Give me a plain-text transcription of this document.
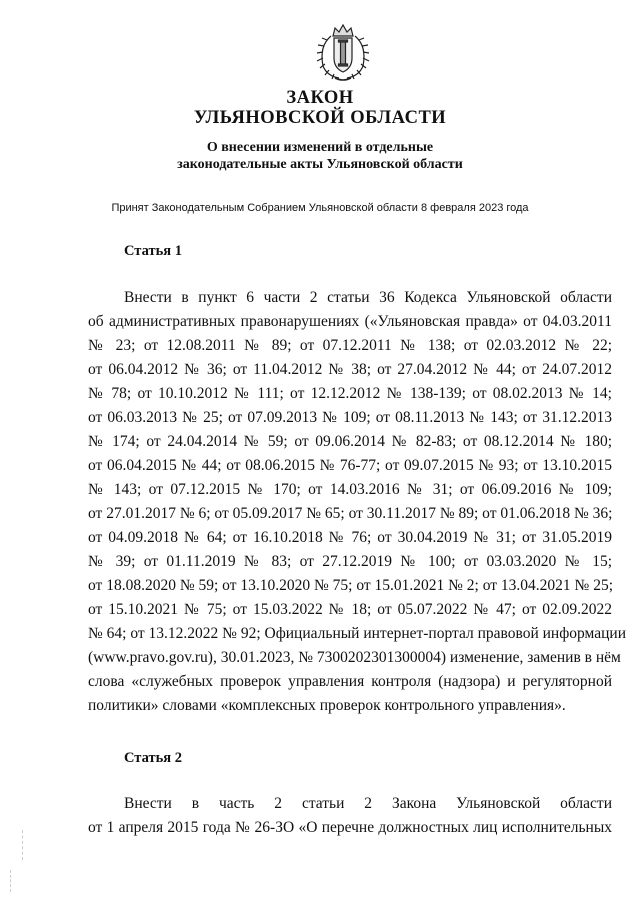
ЗАКОН
УЛЬЯНОВСКОЙ ОБЛАСТИ
О внесении изменений в отдельные
законодательные акты Ульяновской области
Принят Законодательным Собранием Ульяновской области 8 февраля 2023 года
Статья 1
Внести в пункт 6 части 2 статьи 36 Кодекса Ульяновской области
об административных правонарушениях («Ульяновская правда» от 04.03.2011
№ 23; от 12.08.2011 № 89; от 07.12.2011 № 138; от 02.03.2012 № 22;
от 06.04.2012 № 36; от 11.04.2012 № 38; от 27.04.2012 № 44; от 24.07.2012
№ 78; от 10.10.2012 № 111; от 12.12.2012 № 138-139; от 08.02.2013 № 14;
от 06.03.2013 № 25; от 07.09.2013 № 109; от 08.11.2013 № 143; от 31.12.2013
№ 174; от 24.04.2014 № 59; от 09.06.2014 № 82-83; от 08.12.2014 № 180;
от 06.04.2015 № 44; от 08.06.2015 № 76-77; от 09.07.2015 № 93; от 13.10.2015
№ 143; от 07.12.2015 № 170; от 14.03.2016 № 31; от 06.09.2016 № 109;
от 27.01.2017 № 6; от 05.09.2017 № 65; от 30.11.2017 № 89; от 01.06.2018 № 36;
от 04.09.2018 № 64; от 16.10.2018 № 76; от 30.04.2019 № 31; от 31.05.2019
№ 39; от 01.11.2019 № 83; от 27.12.2019 № 100; от 03.03.2020 № 15;
от 18.08.2020 № 59; от 13.10.2020 № 75; от 15.01.2021 № 2; от 13.04.2021 № 25;
от 15.10.2021 № 75; от 15.03.2022 № 18; от 05.07.2022 № 47; от 02.09.2022
№ 64; от 13.12.2022 № 92; Официальный интернет-портал правовой информации
(www.pravo.gov.ru), 30.01.2023, № 7300202301300004) изменение, заменив в нём
слова «служебных проверок управления контроля (надзора) и регуляторной
политики» словами «комплексных проверок контрольного управления».
Статья 2
Внести в часть 2 статьи 2 Закона Ульяновской области
от 1 апреля 2015 года № 26-ЗО «О перечне должностных лиц исполнительных
